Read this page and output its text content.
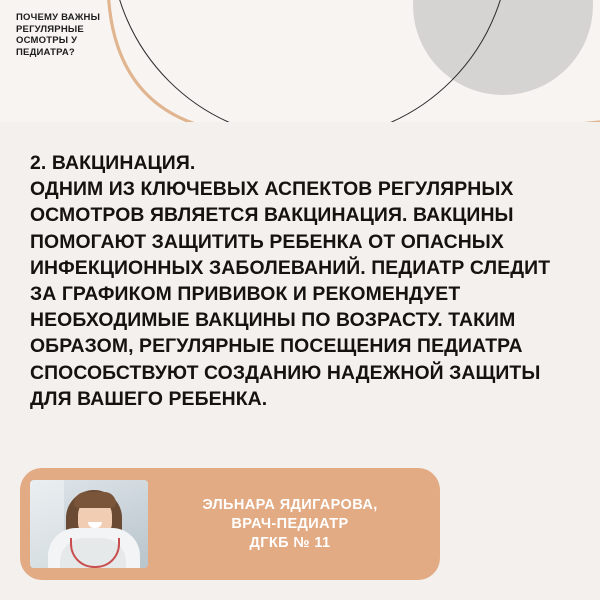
ПОЧЕМУ ВАЖНЫ РЕГУЛЯРНЫЕ ОСМОТРЫ У ПЕДИАТРА?
2. ВАКЦИНАЦИЯ.
ОДНИМ ИЗ КЛЮЧЕВЫХ АСПЕКТОВ РЕГУЛЯРНЫХ ОСМОТРОВ ЯВЛЯЕТСЯ ВАКЦИНАЦИЯ. ВАКЦИНЫ ПОМОГАЮТ ЗАЩИТИТЬ РЕБЕНКА ОТ ОПАСНЫХ ИНФЕКЦИОННЫХ ЗАБОЛЕВАНИЙ. ПЕДИАТР СЛЕДИТ ЗА ГРАФИКОМ ПРИВИВОК И РЕКОМЕНДУЕТ НЕОБХОДИМЫЕ ВАКЦИНЫ ПО ВОЗРАСТУ. ТАКИМ ОБРАЗОМ, РЕГУЛЯРНЫЕ ПОСЕЩЕНИЯ ПЕДИАТРА СПОСОБСТВУЮТ СОЗДАНИЮ НАДЕЖНОЙ ЗАЩИТЫ ДЛЯ ВАШЕГО РЕБЕНКА.
ЭЛЬНАРА ЯДИГАРОВА,
ВРАЧ-ПЕДИАТР
ДГКБ № 11
